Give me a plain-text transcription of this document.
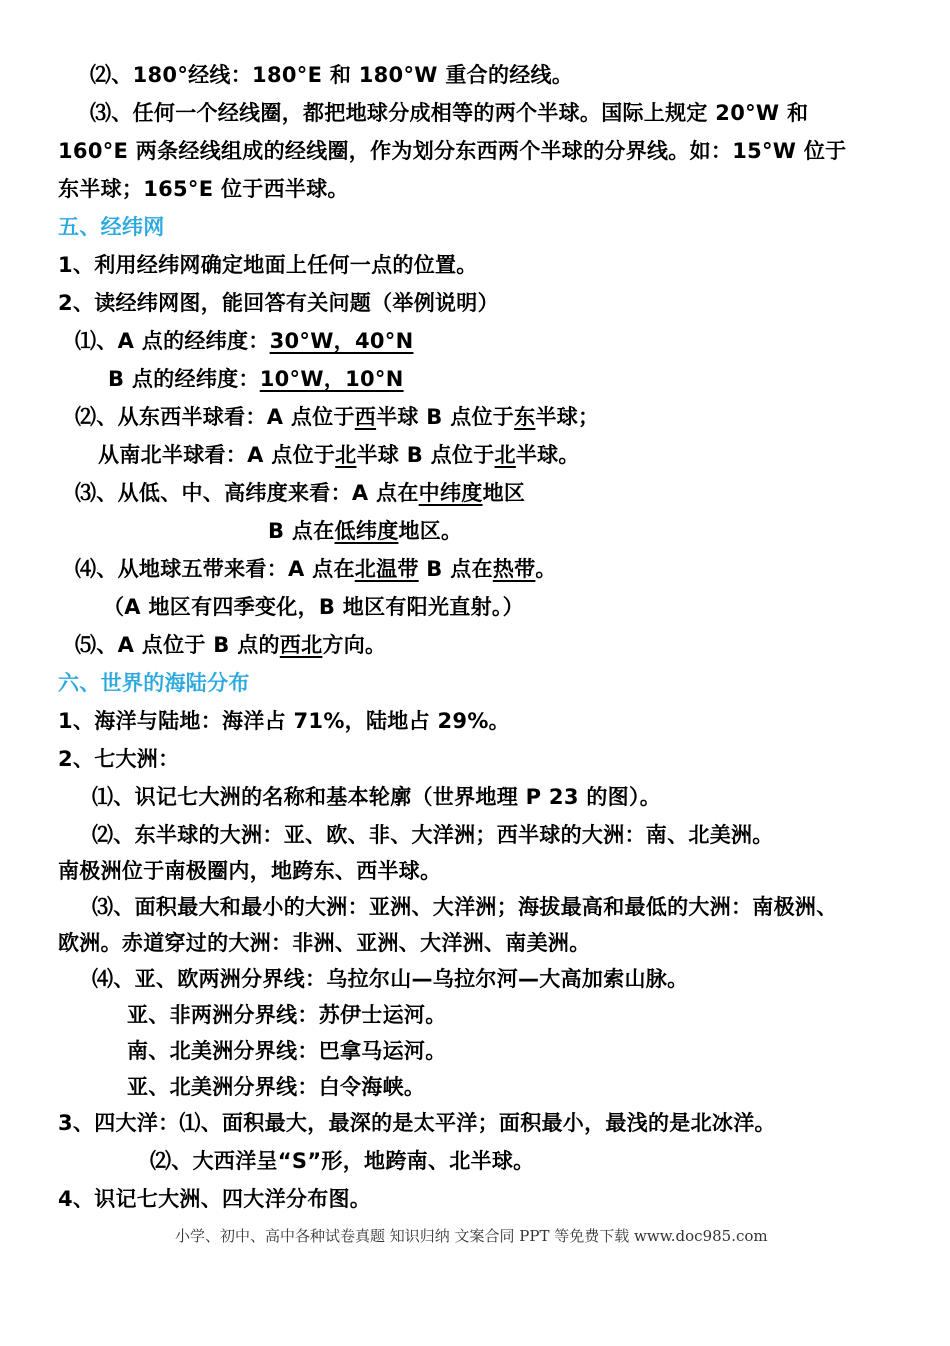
⑵、180°经线：180°E 和 180°W 重合的经线。
⑶、任何一个经线圈，都把地球分成相等的两个半球。国际上规定 20°W 和
160°E 两条经线组成的经线圈，作为划分东西两个半球的分界线。如：15°W 位于
东半球；165°E 位于西半球。
五、经纬网
1、利用经纬网确定地面上任何一点的位置。
2、读经纬网图，能回答有关问题（举例说明）
⑴、A 点的经纬度：30°W，40°N
B 点的经纬度：10°W，10°N
⑵、从东西半球看：A 点位于西半球 B 点位于东半球；
从南北半球看：A 点位于北半球 B 点位于北半球。
⑶、从低、中、高纬度来看：A 点在中纬度地区
B 点在低纬度地区。
⑷、从地球五带来看：A 点在北温带 B 点在热带。
（A 地区有四季变化，B 地区有阳光直射。）
⑸、A 点位于 B 点的西北方向。
六、世界的海陆分布
1、海洋与陆地：海洋占 71%，陆地占 29%。
2、七大洲：
⑴、识记七大洲的名称和基本轮廓（世界地理 P 23 的图）。
⑵、东半球的大洲：亚、欧、非、大洋洲；西半球的大洲：南、北美洲。
南极洲位于南极圈内，地跨东、西半球。
⑶、面积最大和最小的大洲：亚洲、大洋洲；海拔最高和最低的大洲：南极洲、
欧洲。赤道穿过的大洲：非洲、亚洲、大洋洲、南美洲。
⑷、亚、欧两洲分界线：乌拉尔山—乌拉尔河—大高加索山脉。
亚、非两洲分界线：苏伊士运河。
南、北美洲分界线：巴拿马运河。
亚、北美洲分界线：白令海峡。
3、四大洋：⑴、面积最大，最深的是太平洋；面积最小，最浅的是北冰洋。
⑵、大西洋呈“S”形，地跨南、北半球。
4、识记七大洲、四大洋分布图。
小学、初中、高中各种试卷真题 知识归纳 文案合同 PPT 等免费下载 www.doc985.com
